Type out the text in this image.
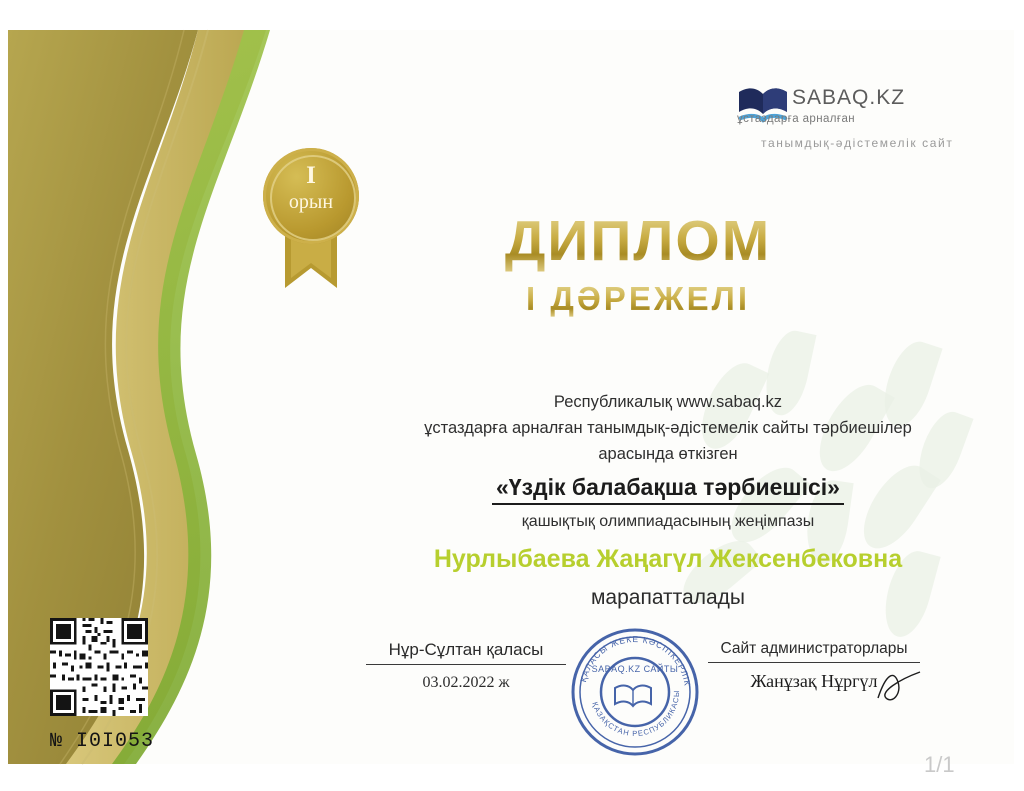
I
орын
SABAQ.KZ
ұстаздарға арналған
танымдық-әдістемелік сайт
ДИПЛОМ
I ДӘРЕЖЕЛІ

Республикалық www.sabaq.kz

ұстаздарға арналған танымдық-әдістемелік сайты тәрбиешілер

арасында өткізген

«Үздік балабақша тәрбиешісі»

қашықтық олимпиадасының жеңімпазы

Нурлыбаева Жаңагүл Жексенбековна

марапатталады

Нұр-Сұлтан қаласы
03.02.2022 ж
Сайт администраторлары
Жанұзақ Нұргүл
ҚАЛАСЫ ЖЕКЕ КӘСІПКЕРЛІК
ҚАЗАҚСТАН РЕСПУБЛИКАСЫ
SABAQ.KZ САЙТЫ
№ I0I053
1/1
